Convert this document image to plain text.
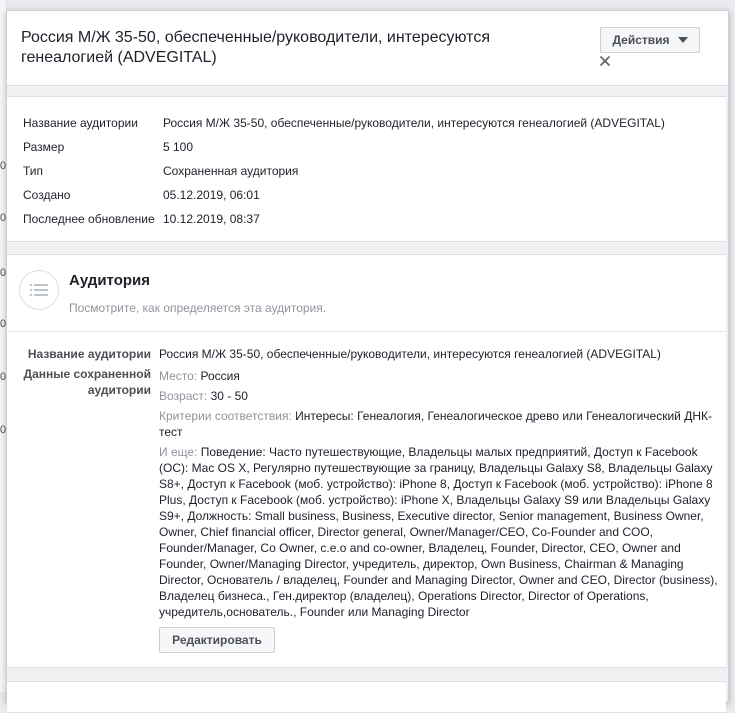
0
0
0
0
0
0
Россия М/Ж 35-50, обеспеченные/руководители, интересуются генеалогией (ADVEGITAL)
Действия
Название аудитории	Россия М/Ж 35-50, обеспеченные/руководители, интересуются генеалогией (ADVEGITAL)
Размер	5 100
Тип	Сохраненная аудитория
Создано	05.12.2019, 06:01
Последнее обновление 10.12.2019, 08:37
Аудитория
Посмотрите, как определяется эта аудитория.
Название аудитории Россия М/Ж 35-50, обеспеченные/руководители, интересуются генеалогией (ADVEGITAL)
Данные сохраненной аудитории
Место: Россия
Возраст: 30 - 50
Критерии соответствия: Интересы: Генеалогия, Генеалогическое древо или Генеалогический ДНК-тест
И еще: Поведение: Часто путешествующие, Владельцы малых предприятий, Доступ к Facebook (ОС): Mac OS X, Регулярно путешествующие за границу, Владельцы Galaxy S8, Владельцы Galaxy S8+, Доступ к Facebook (моб. устройство): iPhone 8, Доступ к Facebook (моб. устройство): iPhone 8 Plus, Доступ к Facebook (моб. устройство): iPhone X, Владельцы Galaxy S9 или Владельцы Galaxy S9+, Должность: Small business, Business, Executive director, Senior management, Business Owner, Owner, Chief financial officer, Director general, Owner/Manager/CEO, Co-Founder and COO, Founder/Manager, Co Owner, c.e.o and co-owner, Владелец, Founder, Director, CEO, Owner and Founder, Owner/Managing Director, учредитель, директор, Own Business, Chairman & Managing Director, Основатель / владелец, Founder and Managing Director, Owner and CEO, Director (business), Владелец бизнеса., Ген.директор (владелец), Operations Director, Director of Operations, учредитель,основатель., Founder или Managing Director
Редактировать
